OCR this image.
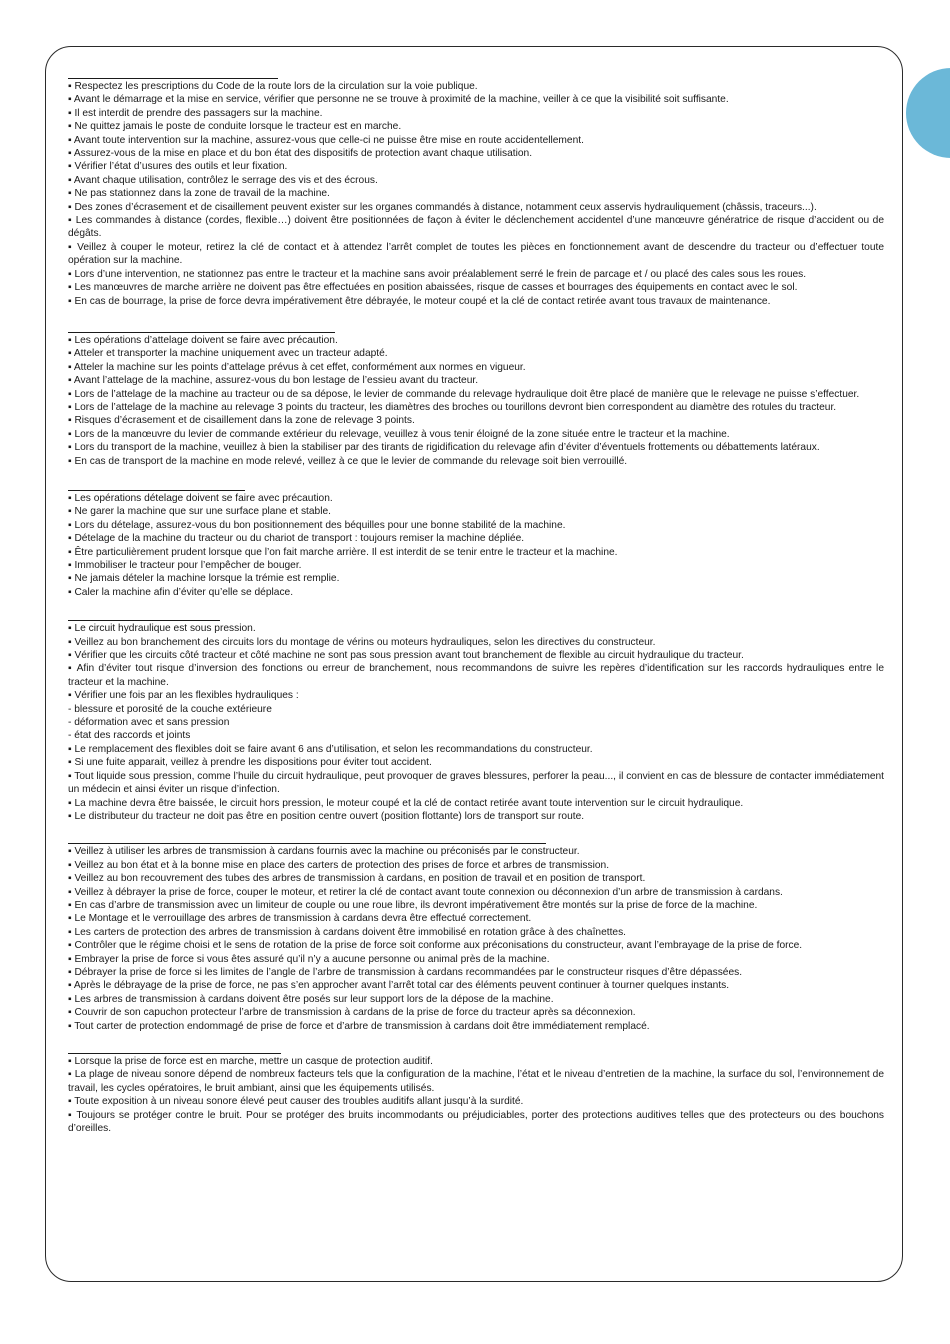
▪ Respectez les prescriptions du Code de la route lors de la circulation sur la voie publique.
▪ Avant le démarrage et la mise en service, vérifier que personne ne se trouve à proximité de la machine, veiller à ce que la visibilité soit suffisante.
▪ Il est interdit de prendre des passagers sur la machine.
▪ Ne quittez jamais le poste de conduite lorsque le tracteur est en marche.
▪ Avant toute intervention sur la machine, assurez-vous que celle-ci ne puisse être mise en route accidentellement.
▪ Assurez-vous de la mise en place et du bon état des dispositifs de protection avant chaque utilisation.
▪ Vérifier l’état d’usures des outils et leur fixation.
▪ Avant chaque utilisation, contrôlez le serrage des vis et des écrous.
▪ Ne pas stationnez dans la zone de travail de la machine.
▪ Des zones d’écrasement et de cisaillement peuvent exister sur les organes commandés à distance, notamment ceux asservis hydrauliquement (châssis, traceurs...).
▪ Les commandes à distance (cordes, flexible…) doivent être positionnées de façon à éviter le déclenchement accidentel d’une manœuvre génératrice de risque d’accident ou de dégâts.
▪ Veillez à couper le moteur, retirez la clé de contact et à attendez l’arrêt complet de toutes les pièces en fonctionnement avant de descendre du tracteur ou d’effectuer toute opération sur la machine.
▪ Lors d’une intervention, ne stationnez pas entre le tracteur et la machine sans avoir préalablement serré le frein de parcage et / ou placé des cales sous les roues.
▪ Les manœuvres de marche arrière ne doivent pas être effectuées en position abaissées, risque de casses et bourrages des équipements en contact avec le sol.
▪ En cas de bourrage, la prise de force devra impérativement être débrayée, le moteur coupé et la clé de contact retirée avant tous travaux de maintenance.
▪ Les opérations d’attelage doivent se faire avec précaution.
▪ Atteler et transporter la machine uniquement avec un tracteur adapté.
▪ Atteler la machine sur les points d’attelage prévus à cet effet, conformément aux normes en vigueur.
▪ Avant l’attelage de la machine, assurez-vous du bon lestage de l’essieu avant du tracteur.
▪ Lors de l’attelage de la machine au tracteur ou de sa dépose, le levier de commande du relevage hydraulique doit être placé de manière que le relevage ne puisse s’effectuer.
▪ Lors de l’attelage de la machine au relevage 3 points du tracteur, les diamètres des broches ou tourillons devront bien correspondent au diamètre des rotules du tracteur.
▪ Risques d’écrasement et de cisaillement dans la zone de relevage 3 points.
▪ Lors de la manœuvre du levier de commande extérieur du relevage, veuillez à vous tenir éloigné de la zone située entre le tracteur et la machine.
▪ Lors du transport de la machine, veuillez à bien la stabiliser par des tirants de rigidification du relevage afin d’éviter d’éventuels frottements ou débattements latéraux.
▪ En cas de transport de la machine en mode relevé, veillez à ce que le levier de commande du relevage soit bien verrouillé.
▪ Les opérations dételage doivent se faire avec précaution.
▪ Ne garer la machine que sur une surface plane et stable.
▪ Lors du dételage, assurez-vous du bon positionnement des béquilles pour une bonne stabilité de la machine.
▪ Dételage de la machine du tracteur ou du chariot de transport : toujours remiser la machine dépliée.
▪ Être particulièrement prudent lorsque que l’on fait marche arrière. Il est interdit de se tenir entre le tracteur et la machine.
▪ Immobiliser le tracteur pour l’empêcher de bouger.
▪ Ne jamais dételer la machine lorsque la trémie est remplie.
▪ Caler la machine afin d’éviter qu’elle se déplace.
▪ Le circuit hydraulique est sous pression.
▪ Veillez au bon branchement des circuits lors du montage de vérins ou moteurs hydrauliques, selon les directives du constructeur.
▪ Vérifier que les circuits côté tracteur et côté machine ne sont pas sous pression avant tout branchement de flexible au circuit hydraulique du tracteur.
▪ Afin d’éviter tout risque d’inversion des fonctions ou erreur de branchement, nous recommandons de suivre les repères d’identification sur les raccords hydrauliques entre le tracteur et la machine.
▪ Vérifier une fois par an les flexibles hydrauliques :
- blessure et porosité de la couche extérieure
- déformation avec et sans pression
- état des raccords et joints
▪ Le remplacement des flexibles doit se faire avant 6 ans d’utilisation, et selon les recommandations du constructeur.
▪ Si une fuite apparait, veillez à prendre les dispositions pour éviter tout accident.
▪ Tout liquide sous pression, comme l’huile du circuit hydraulique, peut provoquer de graves blessures, perforer la peau..., il convient en cas de blessure de contacter immédiatement un médecin et ainsi éviter un risque d’infection.
▪ La machine devra être baissée, le circuit hors pression, le moteur coupé et la clé de contact retirée avant toute intervention sur le circuit hydraulique.
▪ Le distributeur du tracteur ne doit pas être en position centre ouvert (position flottante) lors de transport sur route.
▪ Veillez à utiliser les arbres de transmission à cardans fournis avec la machine ou préconisés par le constructeur.
▪ Veillez au bon état et à la bonne mise en place des carters de protection des prises de force et arbres de transmission.
▪ Veillez au bon recouvrement des tubes des arbres de transmission à cardans, en position de travail et en position de transport.
▪ Veillez à débrayer la prise de force, couper le moteur, et retirer la clé de contact avant toute connexion ou déconnexion d’un arbre de transmission à cardans.
▪ En cas d’arbre de transmission avec un limiteur de couple ou une roue libre, ils devront impérativement être montés sur la prise de force de la machine.
▪ Le Montage et le verrouillage des arbres de transmission à cardans devra être effectué correctement.
▪ Les carters de protection des arbres de transmission à cardans doivent être immobilisé en rotation grâce à des chaînettes.
▪ Contrôler que le régime choisi et le sens de rotation de la prise de force soit conforme aux préconisations du constructeur, avant l’embrayage de la prise de force.
▪ Embrayer la prise de force si vous êtes assuré qu’il n’y a aucune personne ou animal près de la machine.
▪ Débrayer la prise de force si les limites de l’angle de l’arbre de transmission à cardans recommandées par le constructeur risques d’être dépassées.
▪ Après le débrayage de la prise de force, ne pas s’en approcher avant l’arrêt total car des éléments peuvent continuer à tourner quelques instants.
▪ Les arbres de transmission à cardans doivent être posés sur leur support lors de la dépose de la machine.
▪ Couvrir de son capuchon protecteur l’arbre de transmission à cardans de la prise de force du tracteur après sa déconnexion.
▪ Tout carter de protection endommagé de prise de force et d’arbre de transmission à cardans doit être immédiatement remplacé.
▪ Lorsque la prise de force est en marche, mettre un casque de protection auditif.
▪ La plage de niveau sonore dépend de nombreux facteurs tels que la configuration de la machine, l’état et le niveau d’entretien de la machine, la surface du sol, l’environnement de travail, les cycles opératoires, le bruit ambiant, ainsi que les équipements utilisés.
▪ Toute exposition à un niveau sonore élevé peut causer des troubles auditifs allant jusqu’à la surdité.
▪ Toujours se protéger contre le bruit. Pour se protéger des bruits incommodants ou préjudiciables, porter des protections auditives telles que des protecteurs ou des bouchons d’oreilles.
